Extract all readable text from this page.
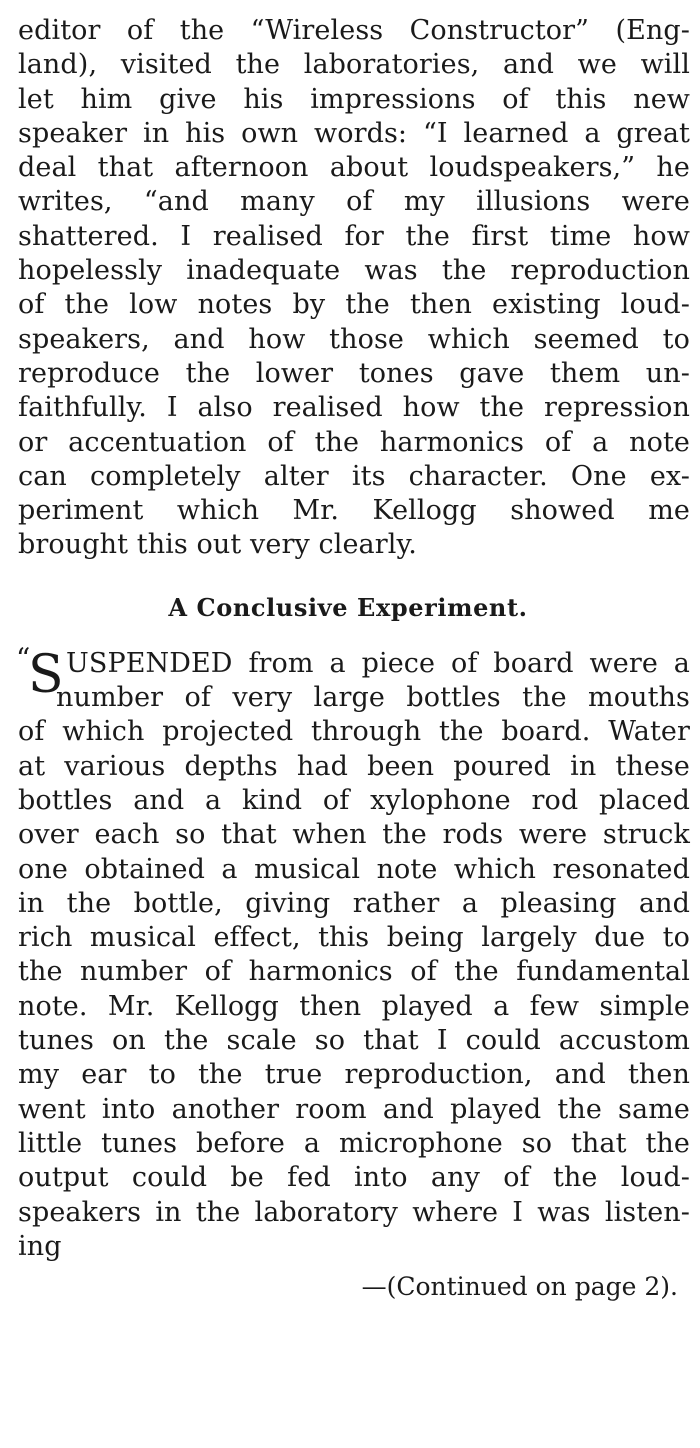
editor of the “Wireless Constructor” (Eng-
land), visited the laboratories, and we will
let him give his impressions of this new
speaker in his own words: “I learned a great
deal that afternoon about loudspeakers,” he
writes, “and many of my illusions were
shattered. I realised for the first time how
hopelessly inadequate was the reproduction
of the low notes by the then existing loud-
speakers, and how those which seemed to
reproduce the lower tones gave them un-
faithfully. I also realised how the repression
or accentuation of the harmonics of a note
can completely alter its character. One ex-
periment which Mr. Kellogg showed me
brought this out very clearly.
A Conclusive Experiment.
“
S USPENDED from a piece of board were a
number of very large bottles the mouths
of which projected through the board. Water
at various depths had been poured in these
bottles and a kind of xylophone rod placed
over each so that when the rods were struck
one obtained a musical note which resonated
in the bottle, giving rather a pleasing and
rich musical effect, this being largely due to
the number of harmonics of the fundamental
note. Mr. Kellogg then played a few simple
tunes on the scale so that I could accustom
my ear to the true reproduction, and then
went into another room and played the same
little tunes before a microphone so that the
output could be fed into any of the loud-
speakers in the laboratory where I was listen-
ing
—(Continued on page 2).
